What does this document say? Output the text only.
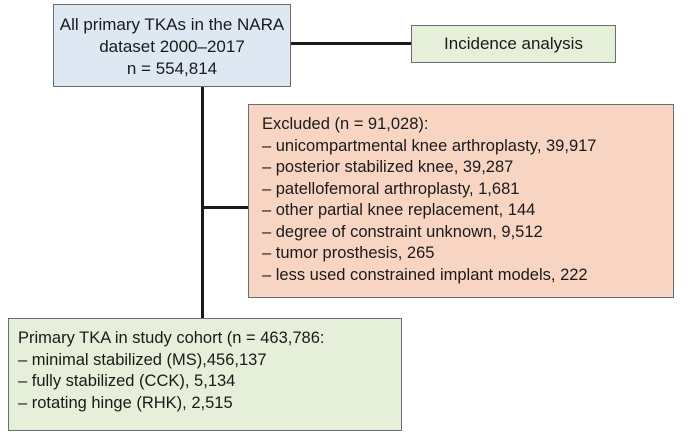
All primary TKAs in the NARA
dataset 2000–2017
n = 554,814
Incidence analysis
Excluded (n = 91,028):
– unicompartmental knee arthroplasty, 39,917
– posterior stabilized knee, 39,287
– patellofemoral arthroplasty, 1,681
– other partial knee replacement, 144
– degree of constraint unknown, 9,512
– tumor prosthesis, 265
– less used constrained implant models, 222
Primary TKA in study cohort (n = 463,786:
– minimal stabilized (MS),456,137
– fully stabilized (CCK), 5,134
– rotating hinge (RHK), 2,515
